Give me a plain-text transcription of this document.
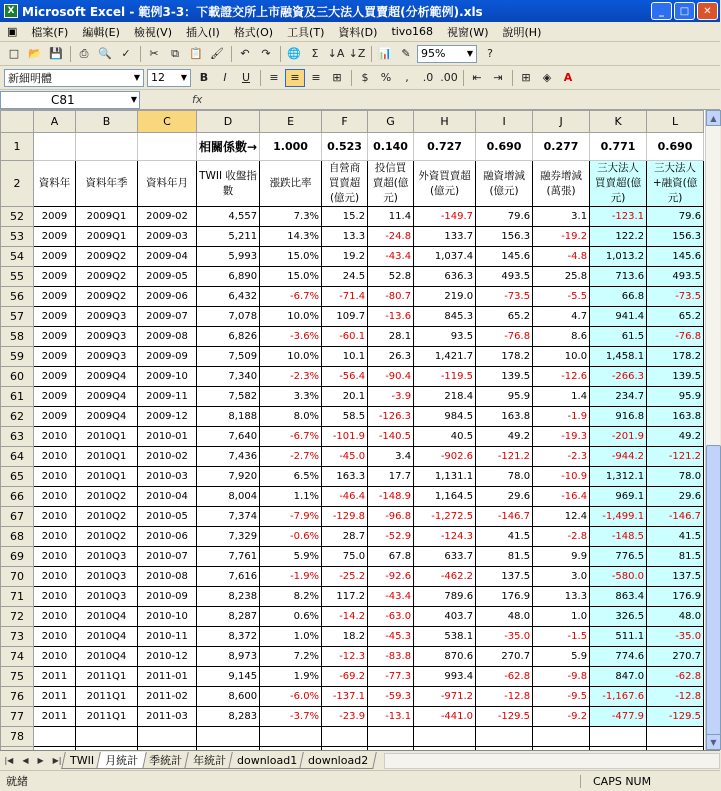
X Microsoft Excel - 範例3-3：下載證交所上市融資及三大法人買賣超(分析範例).xls	_	□	✕
▣	檔案(F)	編輯(E)	檢視(V)	插入(I)	格式(O)	工具(T)	資料(D)	tivo168	視窗(W)	說明(H)
□ 📂 💾	⎙ 🔍 ✓	✂	⧉ 📋 🖌	↶	↷	🌐 Σ ↓A ↓Z 📊 ✎ 95%	▼	?
新細明體	▼ 12	▼	B	I	U	≡	≡	≡	⊞	$	%	,	.0 .00	⇤	⇥	⊞	◈	A
C81	▼	fx
	A	B	C	D	E	F	G	H	I	J	K	L
1				相關係數→	1.000	0.523	0.140	0.727	0.690	0.277	0.771	0.690
2	資料年	資料年季	資料年月	TWII 收盤指數	漲跌比率	自營商買賣超(億元)	投信買賣超(億元)	外資買賣超(億元)	融資增減(億元)	融券增減(萬張)	三大法人買賣超(億元)	三大法人+融資(億元)
52	2009	2009Q1	2009-02	4,557	7.3%	15.2	11.4	-149.7	79.6	3.1	-123.1	79.6
53	2009	2009Q1	2009-03	5,211	14.3%	13.3	-24.8	133.7	156.3	-19.2	122.2	156.3
54	2009	2009Q2	2009-04	5,993	15.0%	19.2	-43.4	1,037.4	145.6	-4.8	1,013.2	145.6
55	2009	2009Q2	2009-05	6,890	15.0%	24.5	52.8	636.3	493.5	25.8	713.6	493.5
56	2009	2009Q2	2009-06	6,432	-6.7%	-71.4	-80.7	219.0	-73.5	-5.5	66.8	-73.5
57	2009	2009Q3	2009-07	7,078	10.0%	109.7	-13.6	845.3	65.2	4.7	941.4	65.2
58	2009	2009Q3	2009-08	6,826	-3.6%	-60.1	28.1	93.5	-76.8	8.6	61.5	-76.8
59	2009	2009Q3	2009-09	7,509	10.0%	10.1	26.3	1,421.7	178.2	10.0	1,458.1	178.2
60	2009	2009Q4	2009-10	7,340	-2.3%	-56.4	-90.4	-119.5	139.5	-12.6	-266.3	139.5
61	2009	2009Q4	2009-11	7,582	3.3%	20.1	-3.9	218.4	95.9	1.4	234.7	95.9
62	2009	2009Q4	2009-12	8,188	8.0%	58.5	-126.3	984.5	163.8	-1.9	916.8	163.8
63	2010	2010Q1	2010-01	7,640	-6.7%	-101.9	-140.5	40.5	49.2	-19.3	-201.9	49.2
64	2010	2010Q1	2010-02	7,436	-2.7%	-45.0	3.4	-902.6	-121.2	-2.3	-944.2	-121.2
65	2010	2010Q1	2010-03	7,920	6.5%	163.3	17.7	1,131.1	78.0	-10.9	1,312.1	78.0
66	2010	2010Q2	2010-04	8,004	1.1%	-46.4	-148.9	1,164.5	29.6	-16.4	969.1	29.6
67	2010	2010Q2	2010-05	7,374	-7.9%	-129.8	-96.8	-1,272.5	-146.7	12.4	-1,499.1	-146.7
68	2010	2010Q2	2010-06	7,329	-0.6%	28.7	-52.9	-124.3	41.5	-2.8	-148.5	41.5
69	2010	2010Q3	2010-07	7,761	5.9%	75.0	67.8	633.7	81.5	9.9	776.5	81.5
70	2010	2010Q3	2010-08	7,616	-1.9%	-25.2	-92.6	-462.2	137.5	3.0	-580.0	137.5
71	2010	2010Q3	2010-09	8,238	8.2%	117.2	-43.4	789.6	176.9	13.3	863.4	176.9
72	2010	2010Q4	2010-10	8,287	0.6%	-14.2	-63.0	403.7	48.0	1.0	326.5	48.0
73	2010	2010Q4	2010-11	8,372	1.0%	18.2	-45.3	538.1	-35.0	-1.5	511.1	-35.0
74	2010	2010Q4	2010-12	8,973	7.2%	-12.3	-83.8	870.6	270.7	5.9	774.6	270.7
75	2011	2011Q1	2011-01	9,145	1.9%	-69.2	-77.3	993.4	-62.8	-9.8	847.0	-62.8
76	2011	2011Q1	2011-02	8,600	-6.0%	-137.1	-59.3	-971.2	-12.8	-9.5	-1,167.6	-12.8
77	2011	2011Q1	2011-03	8,283	-3.7%	-23.9	-13.1	-441.0	-129.5	-9.2	-477.9	-129.5
78												

▲
▼
|◀ ◀ ▶ ▶| TWII 月統計 季統計 年統計 download1 download2
就緒	CAPS NUM
